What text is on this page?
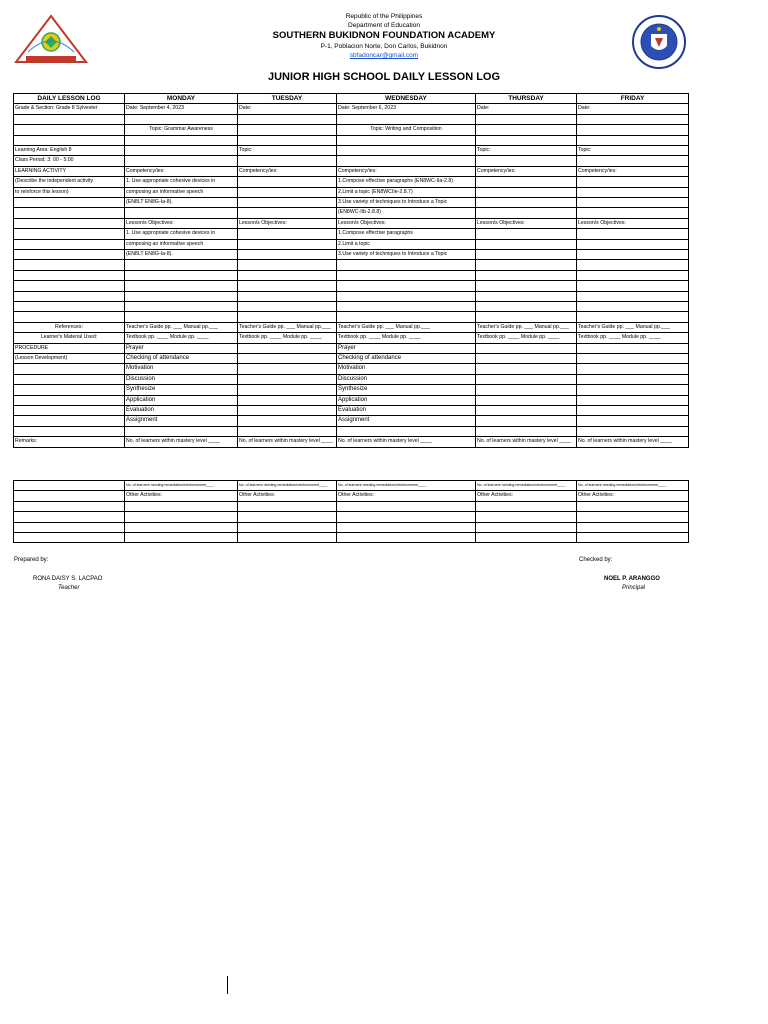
Republic of the Philippines
Department of Education
SOUTHERN BUKIDNON FOUNDATION ACADEMY
P-1, Poblacion Norte, Don Carlos, Bukidnon
sbfadoncar@gmail.com
JUNIOR HIGH SCHOOL DAILY LESSON LOG
DAILY LESSON LOG	MONDAY	TUESDAY	WEDNESDAY	THURSDAY	FRIDAY
Grade & Section: Grade 8 Sylvester	Date: September 4, 2023	Date:	Date: September 6, 2023	Date:	Date:

	Topic: Grammar Awareness		Topic: Writing and Composition		

Learning Area: English 8		Topic:		Topic:	Topic:
Class Period: 3: 00 - 5:00					
LEARNING ACTIVITY	Competency/ies:	Competency/ies:	Competency/ies:	Competency/ies:	Competency/ies:
(Describe the independent activity	1. Use appropriate cohesive devices in		1.Compose effective paragraphs (EN8WC-IIa-2.8)		
to reinforce this lesson)	composing an informative speech		2.Limit a topic (EN8WCIIe-2.8.7)		
	(EN8LT EN8G-Ia-8).		3.Use variety of techniques to Introduce a Topic		
			(EN8WC-IIb-2.8.8)		
	Lesson/s Objectives:	Lesson/s Objectives:	Lesson/s Objectives:	Lesson/s Objectives:	Lesson/s Objectives:
	1. Use appropriate cohesive devices in		1.Compose effective paragraphs		
	composing an informative speech		2.Limit a topic		
	(EN8LT EN8G-Ia-8).		3.Use variety of techniques to Introduce a Topic		

References:	Teacher's Guide pp. ___ Manual pp.___	Teacher's Guide pp. ___ Manual pp.___	Teacher's Guide pp. ___ Manual pp.___	Teacher's Guide pp. ___ Manual pp.___	Teacher's Guide pp. ___ Manual pp.___
Learner's Material Used:	Textbook pp. ____ Module pp. ____	Textbook pp. ____ Module pp. ____	Textbook pp. ____ Module pp. ____	Textbook pp. ____ Module pp. ____	Textbook pp. ____ Module pp. ____
PROCEDURE	Prayer		Prayer		
(Lesson Development)	Checking of attendance		Checking of attendance		
	Motivation		Motivation		
	Discussion		Discussion		
	Synthesize		Synthesize		
	Application		Application		
	Evaluation		Evaluation		
	Assignment		Assignment		

Remarks:	No. of learners within mastery level ____	No. of learners within mastery level ____	No. of learners within mastery level ____	No. of learners within mastery level ____	No. of learners within mastery level ____
	No. of learners needing remediation/reinforcement____	No. of learners needing remediation/reinforcement____	No. of learners needing remediation/reinforcement____	No. of learners needing remediation/reinforcement____	No. of learners needing remediation/reinforcement____
	Other Activities:	Other Activities:	Other Activities:	Other Activities:	Other Activities:

Prepared by:
RONA DAISY S. LACPAO
Teacher
Checked by:
NOEL P. ARANGGO
Principal
